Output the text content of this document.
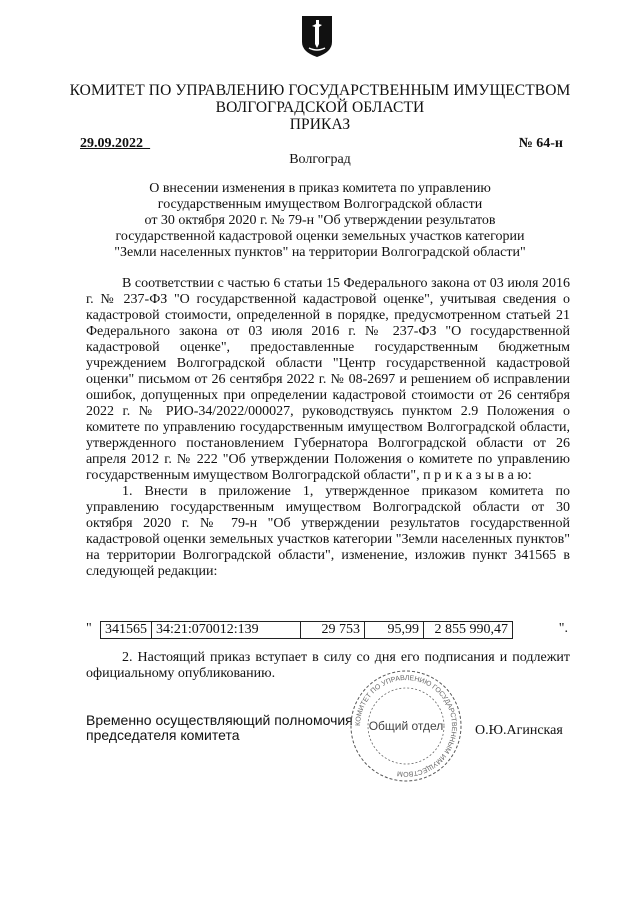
КОМИТЕТ ПО УПРАВЛЕНИЮ ГОСУДАРСТВЕННЫМ ИМУЩЕСТВОМ
ВОЛГОГРАДСКОЙ ОБЛАСТИ
ПРИКАЗ
29.09.2022_	№ 64-н
Волгоград
О внесении изменения в приказ комитета по управлению
государственным имуществом Волгоградской области
от 30 октября 2020 г. № 79-н "Об утверждении результатов
государственной кадастровой оценки земельных участков категории
"Земли населенных пунктов" на территории Волгоградской области"

В соответствии с частью 6 статьи 15 Федерального закона от 03 июля 2016 г. № 237-ФЗ "О государственной кадастровой оценке", учитывая сведения о кадастровой стоимости, определенной в порядке, предусмотренном статьей 21 Федерального закона от 03 июля 2016 г. № 237-ФЗ "О государственной кадастровой оценке", предоставленные государственным бюджетным учреждением Волгоградской области "Центр государственной кадастровой оценки" письмом от 26 сентября 2022 г. № 08-2697 и решением об исправлении ошибок, допущенных при определении кадастровой стоимости от 26 сентября 2022 г. № РИО-34/2022/000027, руководствуясь пунктом 2.9 Положения о комитете по управлению государственным имуществом Волгоградской области, утвержденного постановлением Губернатора Волгоградской области от 26 апреля 2012 г. № 222 "Об утверждении Положения о комитете по управлению государственным имуществом Волгоградской области", п р и к а з ы в а ю:

1. Внести в приложение 1, утвержденное приказом комитета по управлению государственным имуществом Волгоградской области от 30 октября 2020 г. № 79-н "Об утверждении результатов государственной кадастровой оценки земельных участков категории "Земли населенных пунктов" на территории Волгоградской области", изменение, изложив пункт 341565 в следующей редакции:

" 341565	34:21:070012:139	29 753	95,99	2 855 990,47	".

2. Настоящий приказ вступает в силу со дня его подписания и подлежит официальному опубликованию.

Временно осуществляющий полномочия
председателя комитета
КОМИТЕТ ПО УПРАВЛЕНИЮ ГОСУДАРСТВЕННЫМ ИМУЩЕСТВОМ
Общий отдел О.Ю.Агинская
